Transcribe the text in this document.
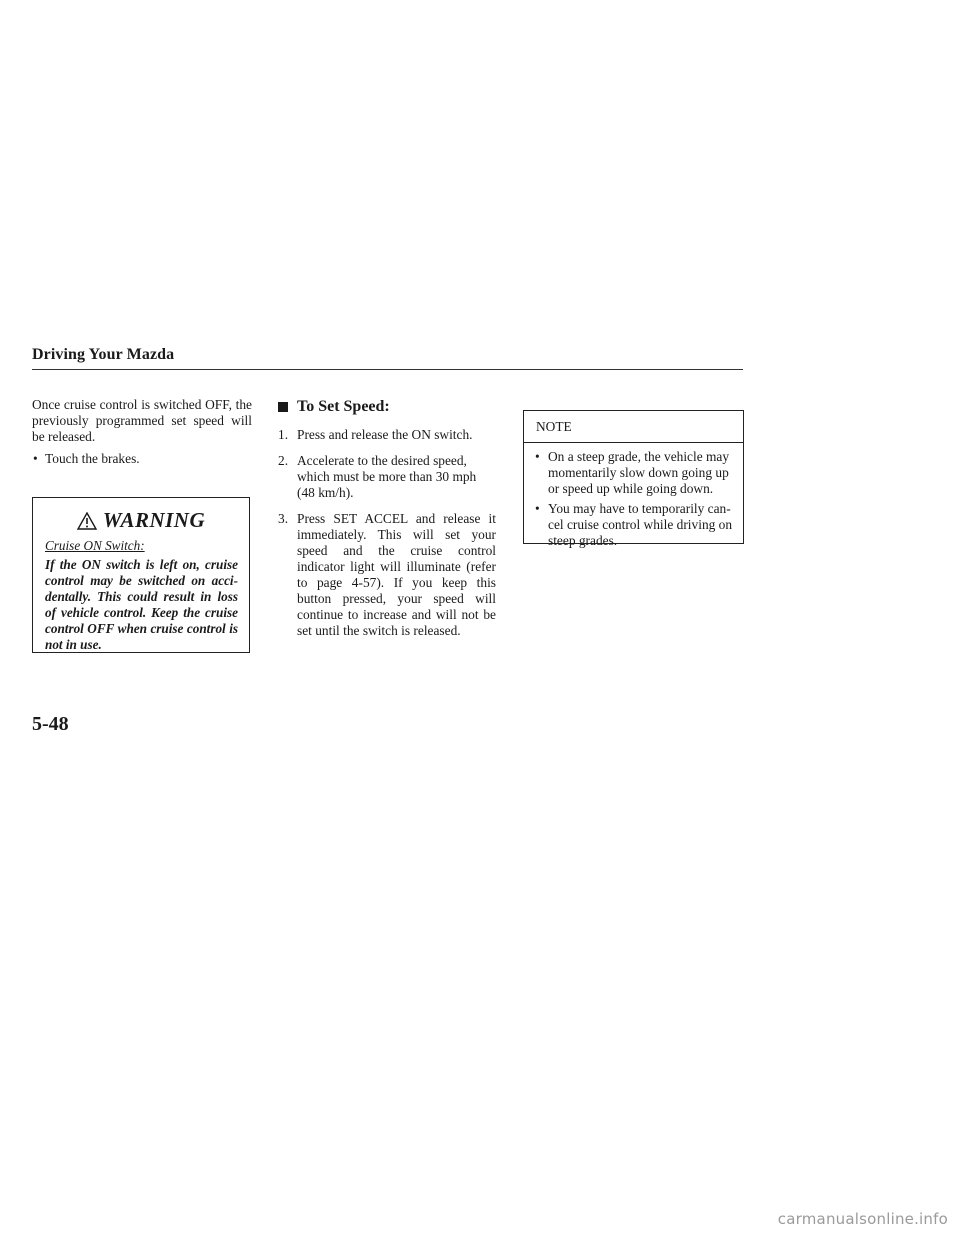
Driving Your Mazda

Once cruise control is switched OFF, the previously programmed set speed will be released.

• Touch the brakes.
WARNING
Cruise ON Switch:

If the ON switch is left on, cruise control may be switched on acci-dentally. This could result in loss of vehicle control. Keep the cruise control OFF when cruise control is not in use.

To Set Speed:
1. Press and release the ON switch.

2. Accelerate to the desired speed, which must be more than 30 mph (48 km/h).

3. Press SET ACCEL and release it immediately. This will set your speed and the cruise control indicator light will illuminate (refer to page 4-57). If you keep this button pressed, your speed will continue to increase and will not be set until the switch is released.

NOTE
• On a steep grade, the vehicle may momentarily slow down going up or speed up while going down.
• You may have to temporarily can-cel cruise control while driving on steep grades.
5-48
carmanualsonline.info
